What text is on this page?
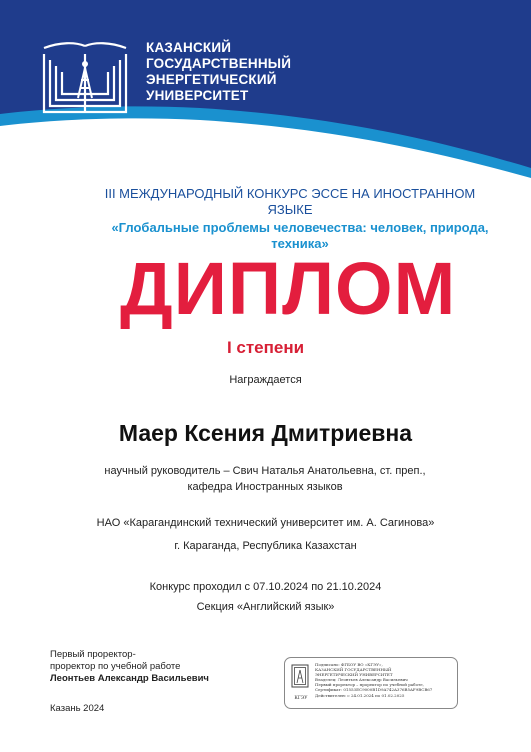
КАЗАНСКИЙ
ГОСУДАРСТВЕННЫЙ
ЭНЕРГЕТИЧЕСКИЙ
УНИВЕРСИТЕТ
III МЕЖДУНАРОДНЫЙ КОНКУРС ЭССЕ НА ИНОСТРАННОМ
ЯЗЫКЕ
«Глобальные проблемы человечества: человек, природа,
техника»
ДИПЛОМ
I степени
Награждается
Маер Ксения Дмитриевна
научный руководитель – Свич Наталья Анатольевна, ст. преп.,
кафедра Иностранных языков
НАО «Карагандинский технический университет им. А. Сагинова»
г. Караганда, Республика Казахстан
Конкурс проходил с 07.10.2024 по 21.10.2024
Секция «Английский язык»
Первый проректор-
проректор по учебной работе
Леонтьев Александр Васильевич
Казань 2024
КГЭУ
Подписано: ФГБОУ ВО «КГЭУ»,
КАЗАНСКИЙ ГОСУДАРСТВЕННЫЙ
ЭНЕРГЕТИЧЕСКИЙ УНИВЕРСИТЕТ
Владелец: Леонтьев Александр Васильевич
Первый проректор – проректор по учебной работе,
Сертификат: 01553EC9000B1D9A742A376B5AF9BCB67
Действителен: с 24.01.2024 по 01.02.2025
